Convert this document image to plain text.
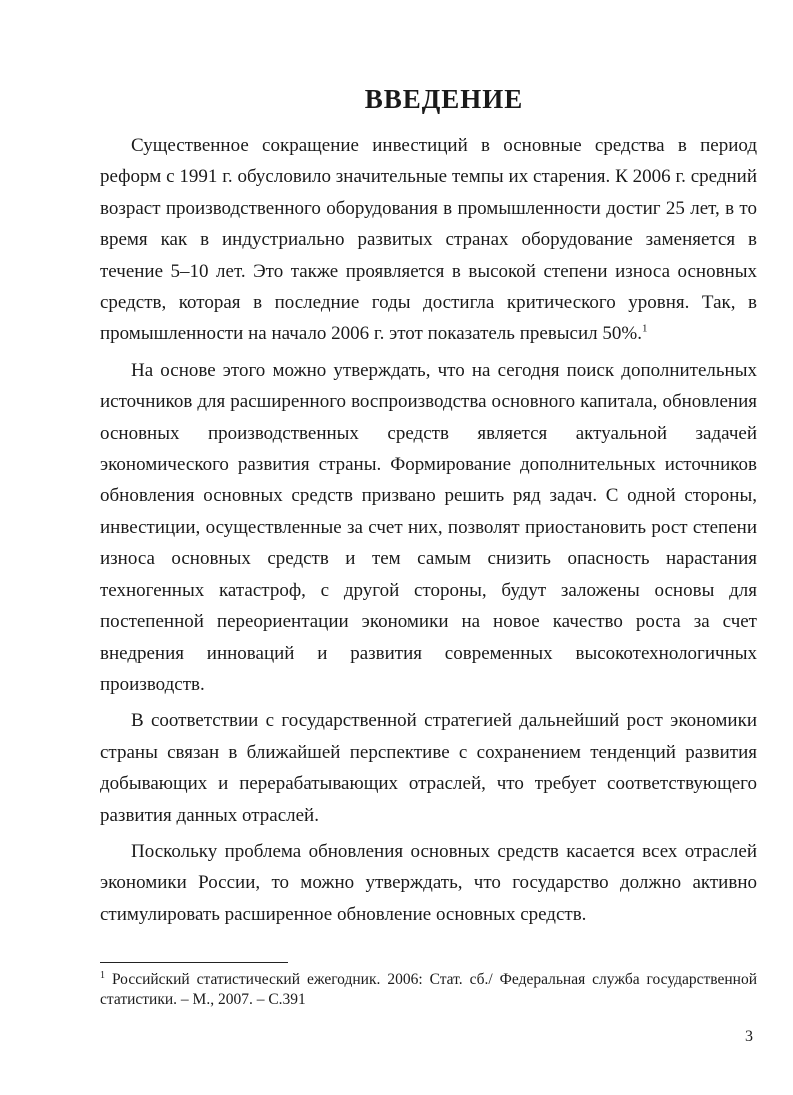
ВВЕДЕНИЕ

Существенное сокращение инвестиций в основные средства в период реформ с 1991 г. обусловило значительные темпы их старения. К 2006 г. средний возраст производственного оборудования в промышленности достиг 25 лет, в то время как в индустриально развитых странах оборудование заменяется в течение 5–10 лет. Это также проявляется в высокой степени износа основных средств, которая в последние годы достигла критического уровня. Так, в промышленности на начало 2006 г. этот показатель превысил 50%.$^1$

На основе этого можно утверждать, что на сегодня поиск дополнительных источников для расширенного воспроизводства основного капитала, обновления основных производственных средств является актуальной задачей экономического развития страны. Формирование дополнительных источников обновления основных средств призвано решить ряд задач. С одной стороны, инвестиции, осуществленные за счет них, позволят приостановить рост степени износа основных средств и тем самым снизить опасность нарастания техногенных катастроф, с другой стороны, будут заложены основы для постепенной переориентации экономики на новое качество роста за счет внедрения инноваций и развития современных высокотехнологичных производств.

В соответствии с государственной стратегией дальнейший рост экономики страны связан в ближайшей перспективе с сохранением тенденций развития добывающих и перерабатывающих отраслей, что требует соответствующего развития данных отраслей.

Поскольку проблема обновления основных средств касается всех отраслей экономики России, то можно утверждать, что государство должно активно стимулировать расширенное обновление основных средств.

$^1$ Российский статистический ежегодник. 2006: Стат. сб./ Федеральная служба государственной статистики. – М., 2007. – С.391

3
